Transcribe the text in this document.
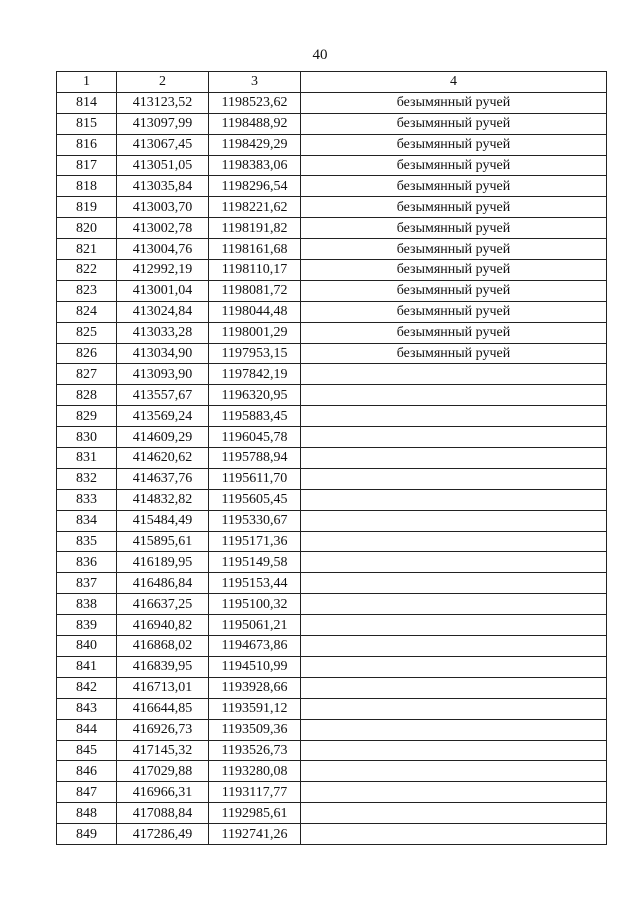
40
1	2	3	4
814	413123,52	1198523,62	безымянный ручей
815	413097,99	1198488,92	безымянный ручей
816	413067,45	1198429,29	безымянный ручей
817	413051,05	1198383,06	безымянный ручей
818	413035,84	1198296,54	безымянный ручей
819	413003,70	1198221,62	безымянный ручей
820	413002,78	1198191,82	безымянный ручей
821	413004,76	1198161,68	безымянный ручей
822	412992,19	1198110,17	безымянный ручей
823	413001,04	1198081,72	безымянный ручей
824	413024,84	1198044,48	безымянный ручей
825	413033,28	1198001,29	безымянный ручей
826	413034,90	1197953,15	безымянный ручей
827	413093,90	1197842,19	
828	413557,67	1196320,95	
829	413569,24	1195883,45	
830	414609,29	1196045,78	
831	414620,62	1195788,94	
832	414637,76	1195611,70	
833	414832,82	1195605,45	
834	415484,49	1195330,67	
835	415895,61	1195171,36	
836	416189,95	1195149,58	
837	416486,84	1195153,44	
838	416637,25	1195100,32	
839	416940,82	1195061,21	
840	416868,02	1194673,86	
841	416839,95	1194510,99	
842	416713,01	1193928,66	
843	416644,85	1193591,12	
844	416926,73	1193509,36	
845	417145,32	1193526,73	
846	417029,88	1193280,08	
847	416966,31	1193117,77	
848	417088,84	1192985,61	
849	417286,49	1192741,26	
